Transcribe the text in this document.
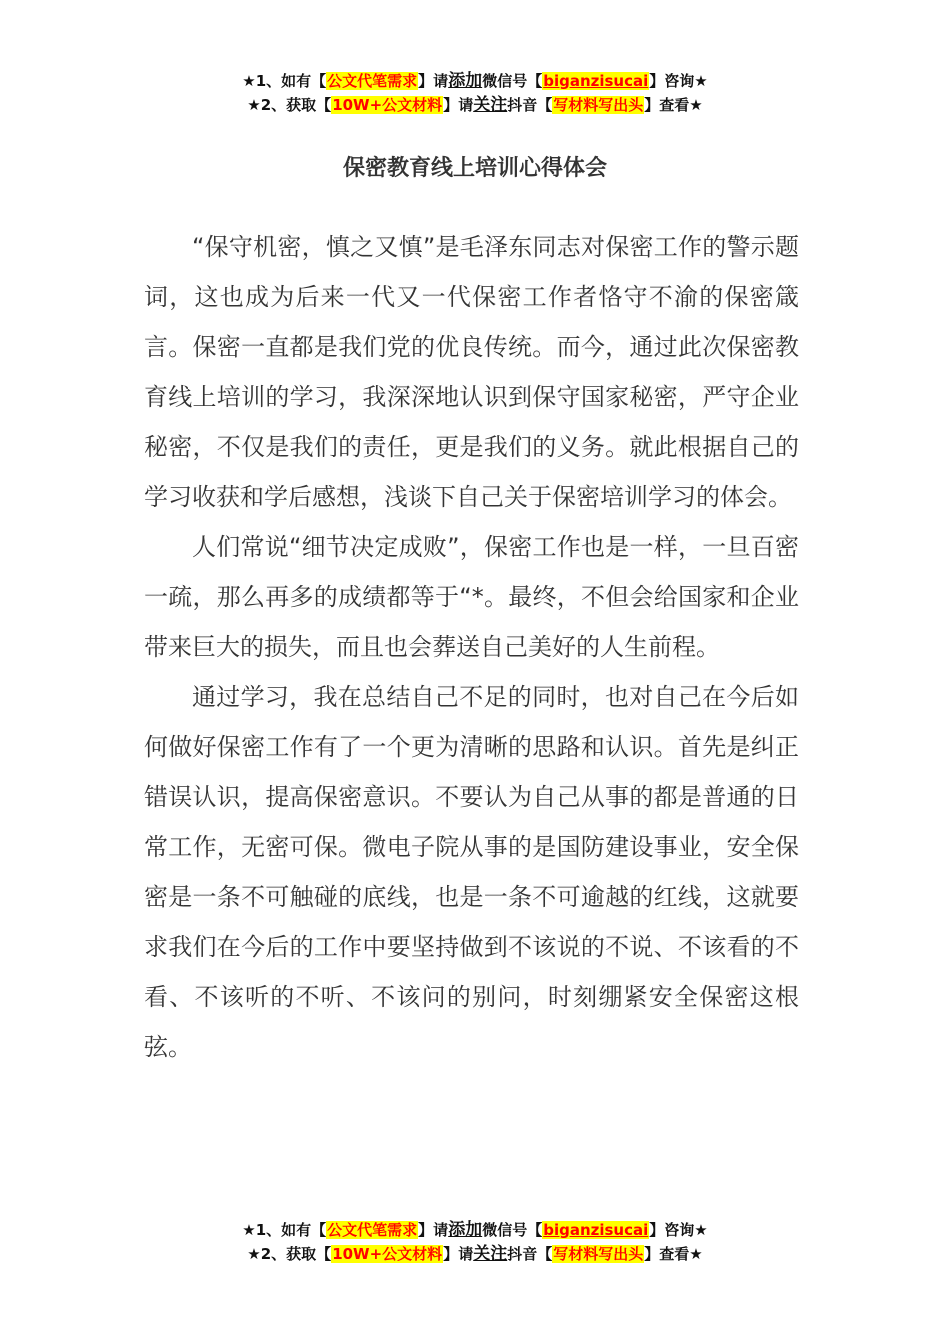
★1、如有【公文代笔需求】请添加微信号【biganzisucai】咨询★
★2、获取【10W+公文材料】请关注抖音【写材料写出头】查看★
保密教育线上培训心得体会

“保守机密，慎之又慎”是毛泽东同志对保密工作的警示题词，这也成为后来一代又一代保密工作者恪守不渝的保密箴言。保密一直都是我们党的优良传统。而今，通过此次保密教育线上培训的学习，我深深地认识到保守国家秘密，严守企业秘密，不仅是我们的责任，更是我们的义务。就此根据自己的学习收获和学后感想，浅谈下自己关于保密培训学习的体会。

人们常说“细节决定成败”，保密工作也是一样，一旦百密一疏，那么再多的成绩都等于“*。最终，不但会给国家和企业带来巨大的损失，而且也会葬送自己美好的人生前程。

通过学习，我在总结自己不足的同时，也对自己在今后如何做好保密工作有了一个更为清晰的思路和认识。首先是纠正错误认识，提高保密意识。不要认为自己从事的都是普通的日常工作，无密可保。微电子院从事的是国防建设事业，安全保密是一条不可触碰的底线，也是一条不可逾越的红线，这就要求我们在今后的工作中要坚持做到不该说的不说、不该看的不看、不该听的不听、不该问的别问，时刻绷紧安全保密这根弦。

★1、如有【公文代笔需求】请添加微信号【biganzisucai】咨询★
★2、获取【10W+公文材料】请关注抖音【写材料写出头】查看★
